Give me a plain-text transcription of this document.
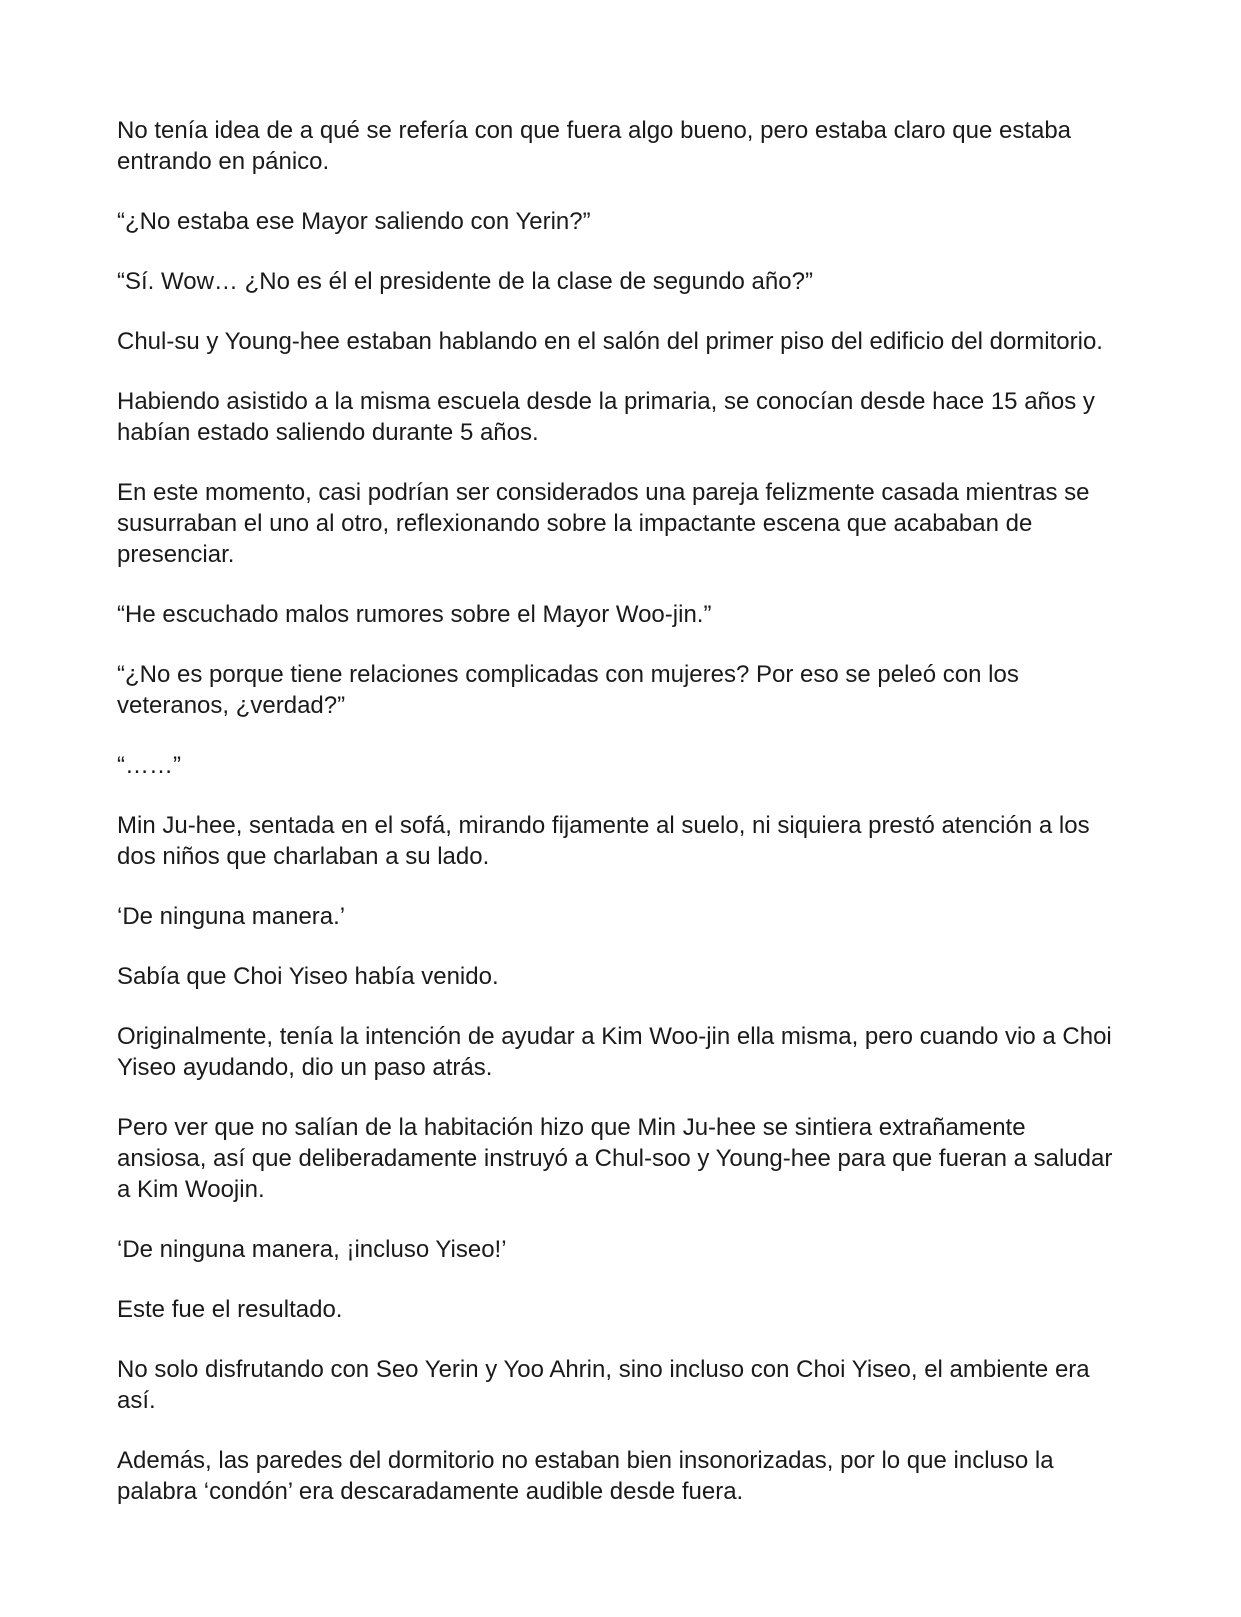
No tenía idea de a qué se refería con que fuera algo bueno, pero estaba claro que estaba entrando en pánico.

“¿No estaba ese Mayor saliendo con Yerin?”

“Sí. Wow… ¿No es él el presidente de la clase de segundo año?”

Chul-su y Young-hee estaban hablando en el salón del primer piso del edificio del dormitorio.

Habiendo asistido a la misma escuela desde la primaria, se conocían desde hace 15 años y habían estado saliendo durante 5 años.

En este momento, casi podrían ser considerados una pareja felizmente casada mientras se susurraban el uno al otro, reflexionando sobre la impactante escena que acababan de presenciar.

“He escuchado malos rumores sobre el Mayor Woo-jin.”

“¿No es porque tiene relaciones complicadas con mujeres? Por eso se peleó con los veteranos, ¿verdad?”

“……”

Min Ju-hee, sentada en el sofá, mirando fijamente al suelo, ni siquiera prestó atención a los dos niños que charlaban a su lado.

‘De ninguna manera.’

Sabía que Choi Yiseo había venido.

Originalmente, tenía la intención de ayudar a Kim Woo-jin ella misma, pero cuando vio a Choi Yiseo ayudando, dio un paso atrás.

Pero ver que no salían de la habitación hizo que Min Ju-hee se sintiera extrañamente ansiosa, así que deliberadamente instruyó a Chul-soo y Young-hee para que fueran a saludar a Kim Woojin.

‘De ninguna manera, ¡incluso Yiseo!’

Este fue el resultado.

No solo disfrutando con Seo Yerin y Yoo Ahrin, sino incluso con Choi Yiseo, el ambiente era así.

Además, las paredes del dormitorio no estaban bien insonorizadas, por lo que incluso la palabra ‘condón’ era descaradamente audible desde fuera.
